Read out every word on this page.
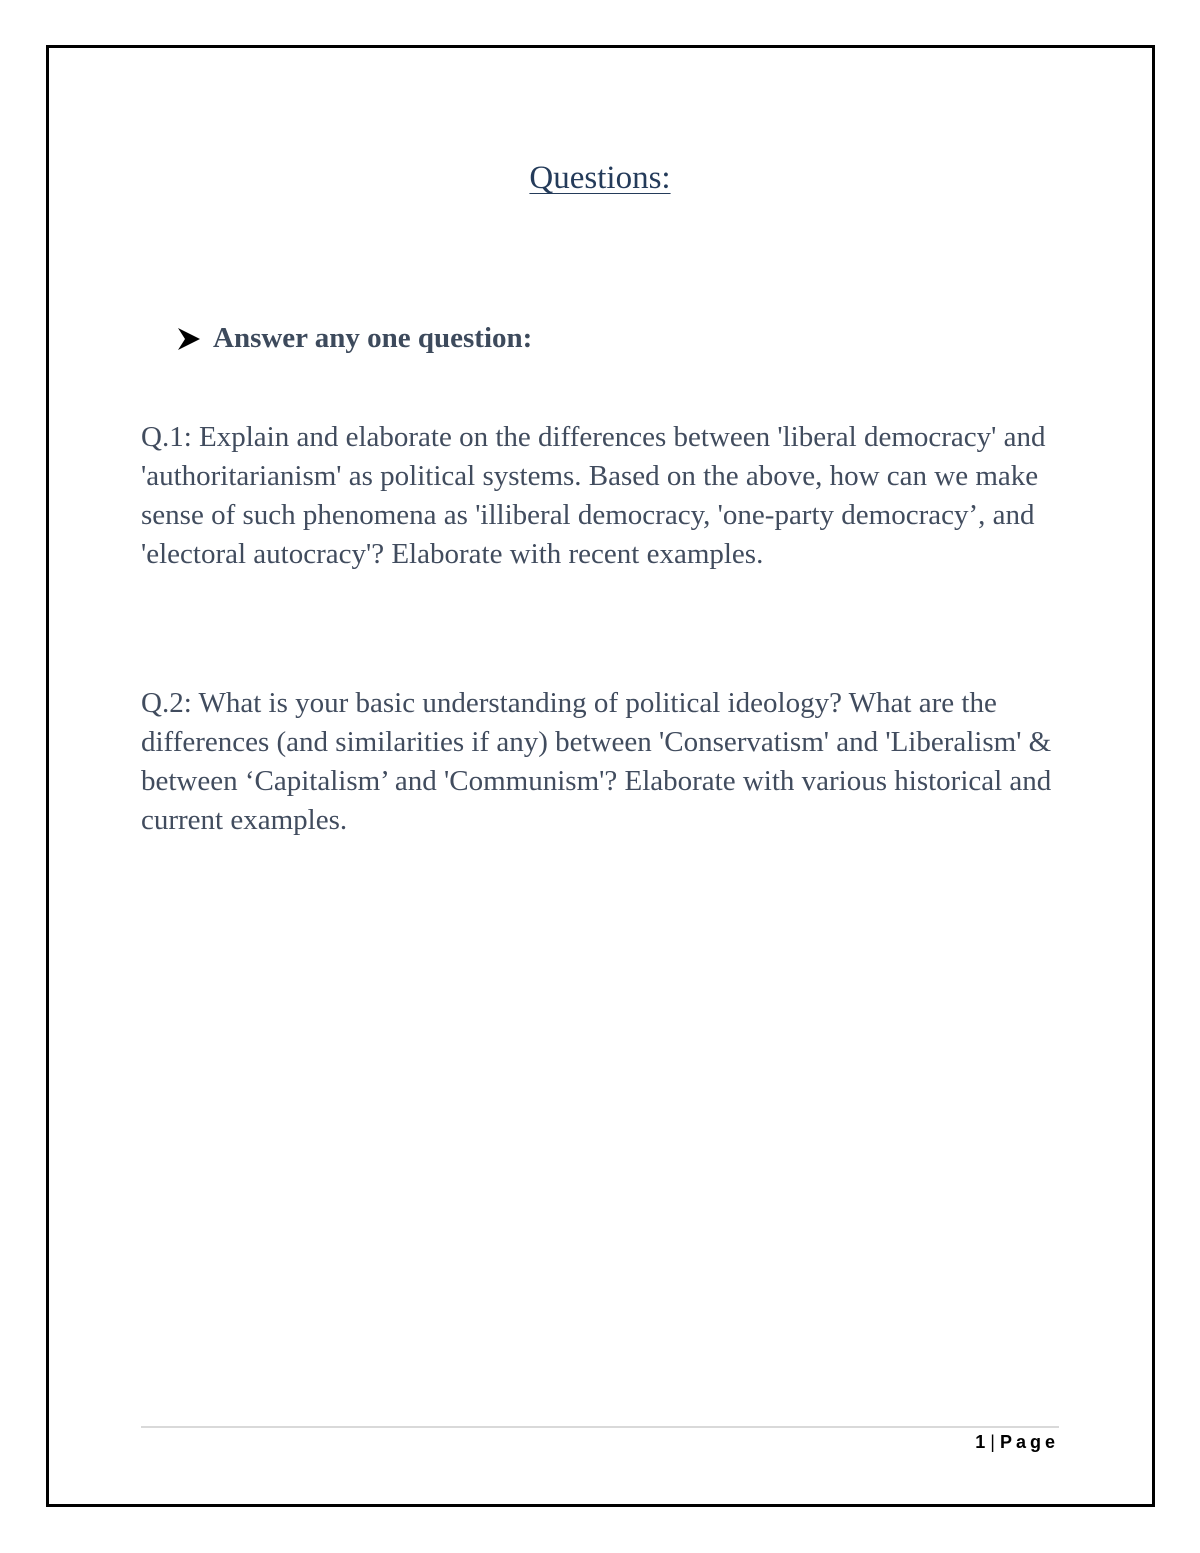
Questions:
Answer any one question:

Q.1: Explain and elaborate on the differences between 'liberal democracy' and 'authoritarianism' as political systems. Based on the above, how can we make sense of such phenomena as 'illiberal democracy, 'one-party democracy’, and 'electoral autocracy'? Elaborate with recent examples.

Q.2: What is your basic understanding of political ideology? What are the differences (and similarities if any) between 'Conservatism' and 'Liberalism' & between ‘Capitalism’ and 'Communism'? Elaborate with various historical and current examples.

1 | Page
